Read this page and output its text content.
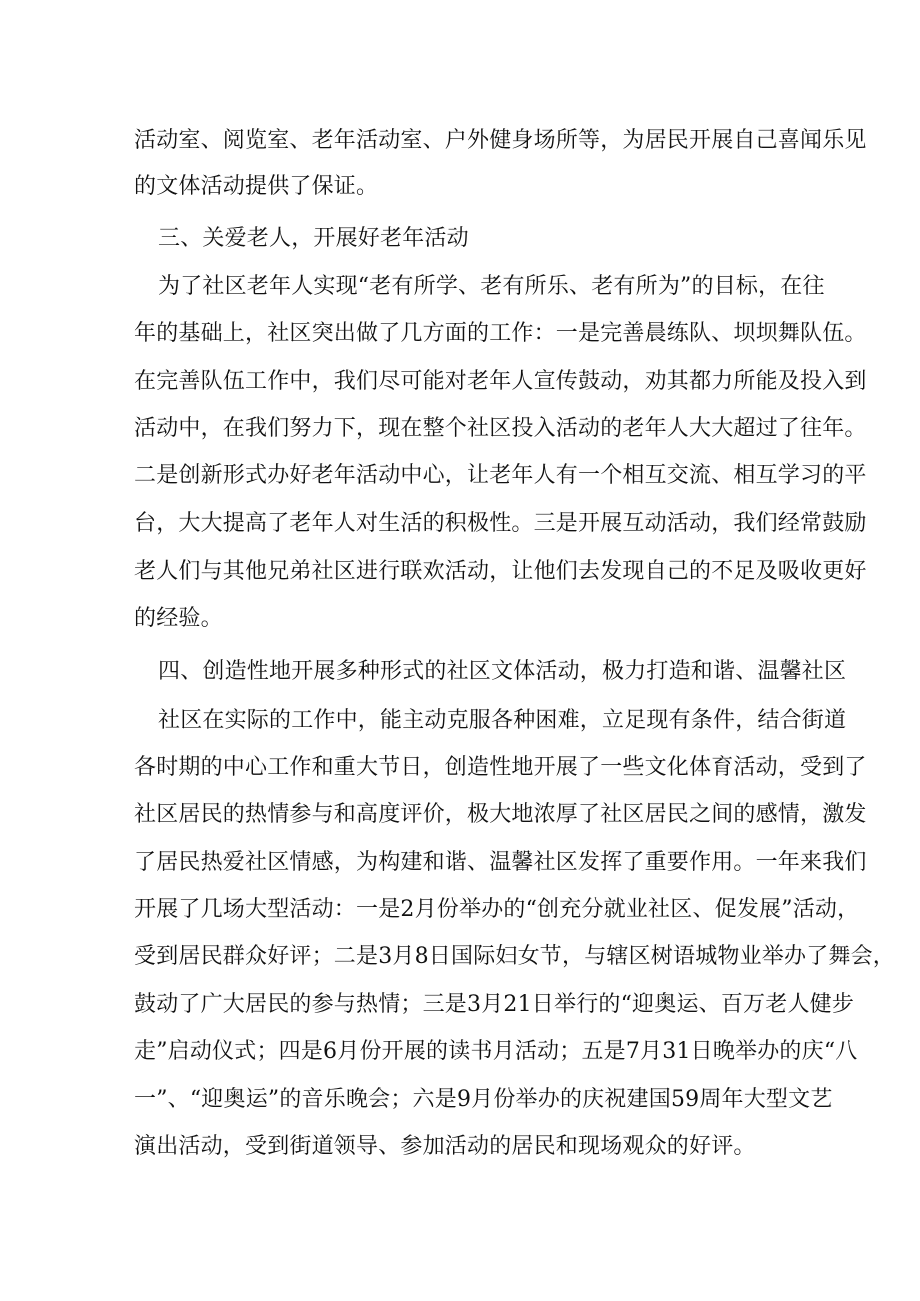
活动室、阅览室、老年活动室、户外健身场所等，为居民开展自己喜闻乐见
的文体活动提供了保证。
三、关爱老人，开展好老年活动
为了社区老年人实现“老有所学、老有所乐、老有所为”的目标，在往
年的基础上，社区突出做了几方面的工作：一是完善晨练队、坝坝舞队伍。
在完善队伍工作中，我们尽可能对老年人宣传鼓动，劝其都力所能及投入到
活动中，在我们努力下，现在整个社区投入活动的老年人大大超过了往年。
二是创新形式办好老年活动中心，让老年人有一个相互交流、相互学习的平
台，大大提高了老年人对生活的积极性。三是开展互动活动，我们经常鼓励
老人们与其他兄弟社区进行联欢活动，让他们去发现自己的不足及吸收更好
的经验。
四、创造性地开展多种形式的社区文体活动，极力打造和谐、温馨社区
社区在实际的工作中，能主动克服各种困难，立足现有条件，结合街道
各时期的中心工作和重大节日，创造性地开展了一些文化体育活动，受到了
社区居民的热情参与和高度评价，极大地浓厚了社区居民之间的感情，激发
了居民热爱社区情感，为构建和谐、温馨社区发挥了重要作用。一年来我们
开展了几场大型活动：一是2月份举办的“创充分就业社区、促发展”活动，
受到居民群众好评；二是3月8日国际妇女节，与辖区树语城物业举办了舞会，
鼓动了广大居民的参与热情；三是3月21日举行的“迎奥运、百万老人健步
走”启动仪式；四是6月份开展的读书月活动；五是7月31日晚举办的庆“八
一”、“迎奥运”的音乐晚会；六是9月份举办的庆祝建国59周年大型文艺
演出活动，受到街道领导、参加活动的居民和现场观众的好评。
